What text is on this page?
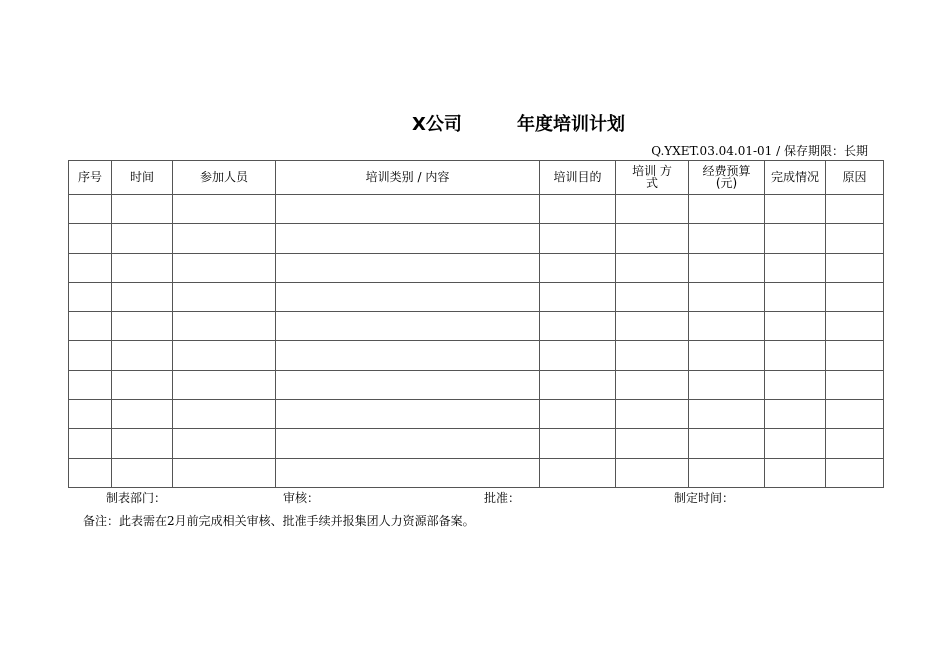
X公司

	年度培训计划

Q.YXET.03.04.01-01 / 保存期限：长期
序号	时间	参加人员	培训类别 / 内容	培训目的	培训 方式	经费预算(元)	完成情况	原因

制表部门：	审核：	批准：	制定时间：
备注：此表需在2月前完成相关审核、批准手续并报集团人力资源部备案。
